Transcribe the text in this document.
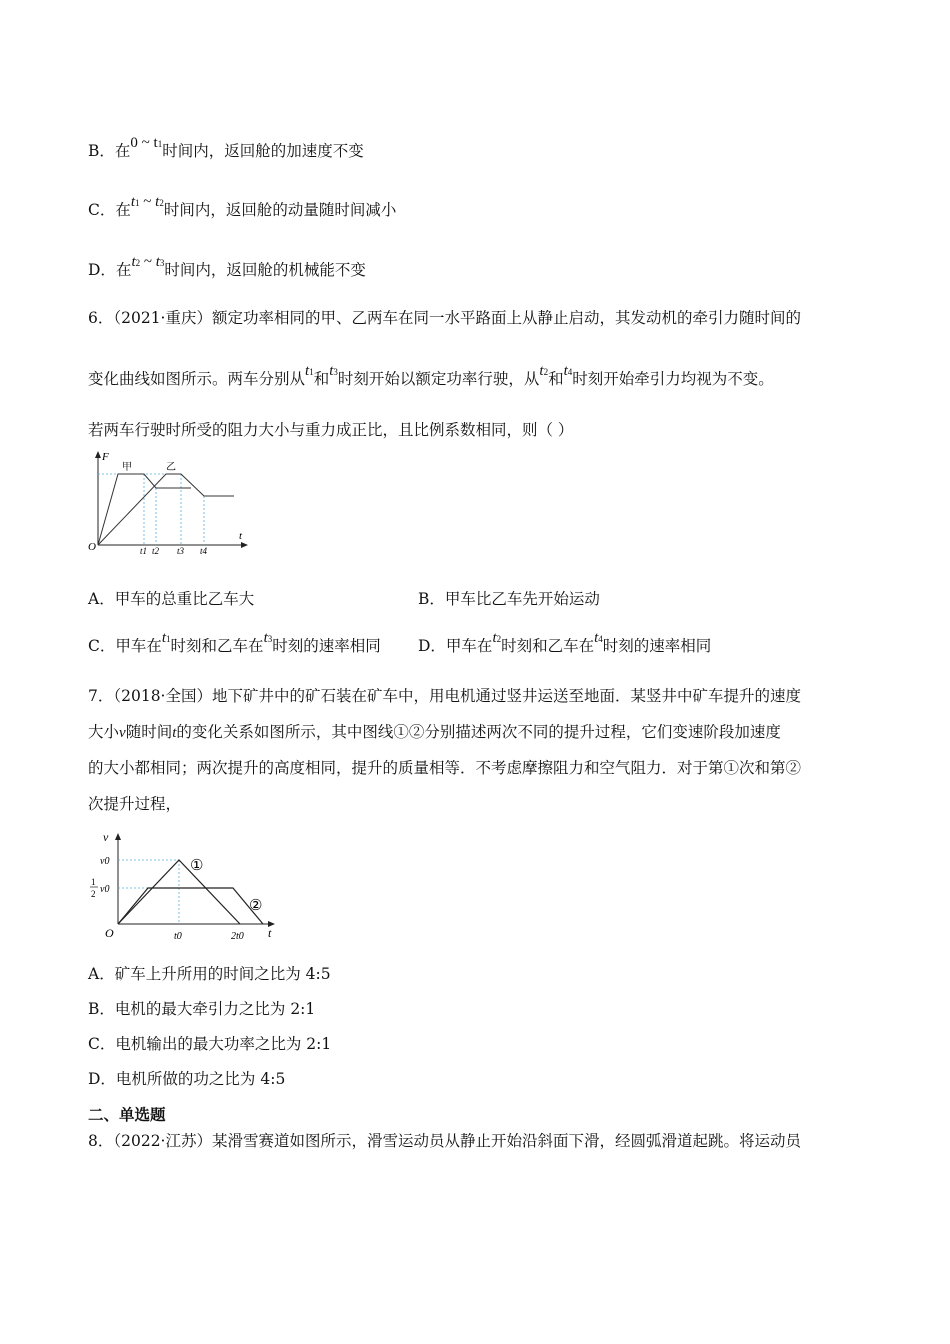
B．在0 ~ t1时间内，返回舱的加速度不变
C．在t1 ~ t2时间内，返回舱的动量随时间减小
D．在t2 ~ t3时间内，返回舱的机械能不变
6．（2021·重庆）额定功率相同的甲、乙两车在同一水平路面上从静止启动，其发动机的牵引力随时间的
变化曲线如图所示。两车分别从t1和t3时刻开始以额定功率行驶，从t2和t4时刻开始牵引力均视为不变。
若两车行驶时所受的阻力大小与重力成正比，且比例系数相同，则（ ）
F
t
O
甲	乙
t1 t2 t3 t4
A．甲车的总重比乙车大	B．甲车比乙车先开始运动
C．甲车在t1时刻和乙车在t3时刻的速率相同 D．甲车在t2时刻和乙车在t4时刻的速率相同
7．（2018·全国）地下矿井中的矿石装在矿车中，用电机通过竖井运送至地面．某竖井中矿车提升的速度
大小v随时间t的变化关系如图所示，其中图线①②分别描述两次不同的提升过程，它们变速阶段加速度
的大小都相同；两次提升的高度相同，提升的质量相等．不考虑摩擦阻力和空气阻力．对于第①次和第②
次提升过程，
v
t
O
v0
1
2 v0
①
②
t0	2t0
A．矿车上升所用的时间之比为 4:5
B．电机的最大牵引力之比为 2:1
C．电机输出的最大功率之比为 2:1
D．电机所做的功之比为 4:5
二、单选题
8．（2022·江苏）某滑雪赛道如图所示，滑雪运动员从静止开始沿斜面下滑，经圆弧滑道起跳。将运动员
